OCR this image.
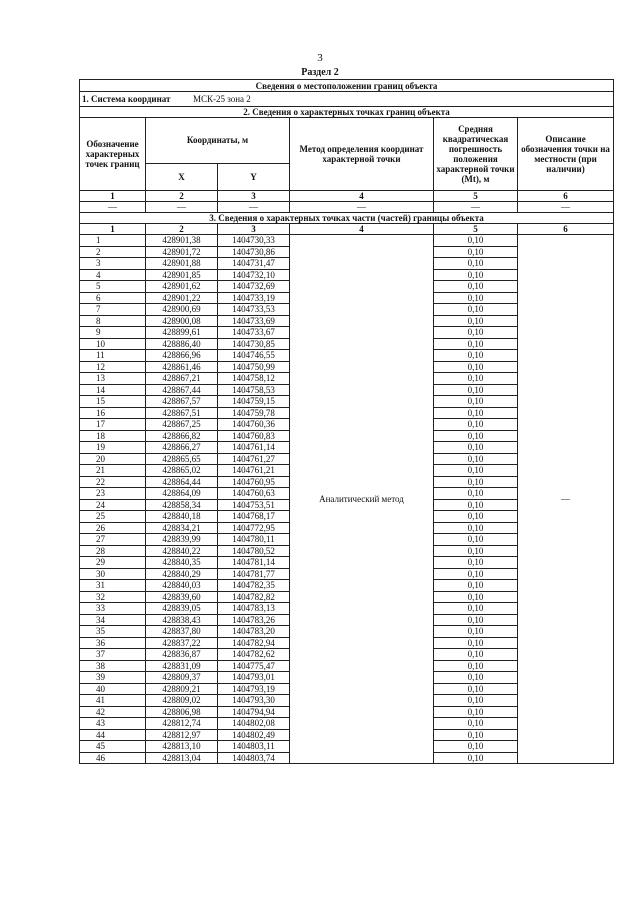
3
Раздел 2
Сведения о местоположении границ объекта					
1. Система координат МСК-25 зона 2					
2. Сведения о характерных точках границ объекта					
Обозначение характерных точек границ	Координаты, м		Метод определения координат характерной точки	Средняя квадратическая погрешность положения характерной точки (Mt), м	Описание обозначения точки на местности (при наличии)
	X	Y			
1	2	3	4	5	6
—	—	—	—	—	—
3. Сведения о характерных точках части (частей) границы объекта					
1	2	3	4	5	6
1	428901,38	1404730,33	Аналитический метод	0,10	—
2	428901,72	1404730,86		0,10	
3	428901,88	1404731,47		0,10	
4	428901,85	1404732,10		0,10	
5	428901,62	1404732,69		0,10	
6	428901,22	1404733,19		0,10	
7	428900,69	1404733,53		0,10	
8	428900,08	1404733,69		0,10	
9	428899,61	1404733,67		0,10	
10	428886,40	1404730,85		0,10	
11	428866,96	1404746,55		0,10	
12	428861,46	1404750,99		0,10	
13	428867,21	1404758,12		0,10	
14	428867,44	1404758,53		0,10	
15	428867,57	1404759,15		0,10	
16	428867,51	1404759,78		0,10	
17	428867,25	1404760,36		0,10	
18	428866,82	1404760,83		0,10	
19	428866,27	1404761,14		0,10	
20	428865,65	1404761,27		0,10	
21	428865,02	1404761,21		0,10	
22	428864,44	1404760,95		0,10	
23	428864,09	1404760,63		0,10	
24	428858,34	1404753,51		0,10	
25	428840,18	1404768,17		0,10	
26	428834,21	1404772,95		0,10	
27	428839,99	1404780,11		0,10	
28	428840,22	1404780,52		0,10	
29	428840,35	1404781,14		0,10	
30	428840,29	1404781,77		0,10	
31	428840,03	1404782,35		0,10	
32	428839,60	1404782,82		0,10	
33	428839,05	1404783,13		0,10	
34	428838,43	1404783,26		0,10	
35	428837,80	1404783,20		0,10	
36	428837,22	1404782,94		0,10	
37	428836,87	1404782,62		0,10	
38	428831,09	1404775,47		0,10	
39	428809,37	1404793,01		0,10	
40	428809,21	1404793,19		0,10	
41	428809,02	1404793,30		0,10	
42	428806,98	1404794,94		0,10	
43	428812,74	1404802,08		0,10	
44	428812,97	1404802,49		0,10	
45	428813,10	1404803,11		0,10	
46	428813,04	1404803,74		0,10	
